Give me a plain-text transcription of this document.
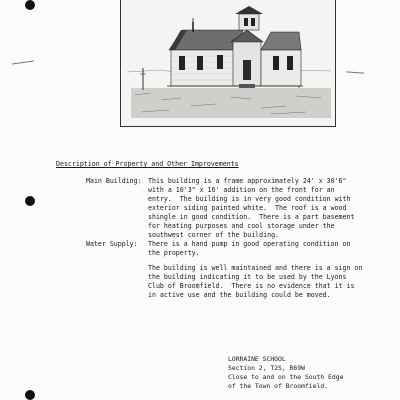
Description of Property and Other Improvements
Main Building: This building is a frame approximately 24' x 30'6"
with a 10'3" x 16' addition on the front for an
entry.  The building is in very good condition with
exterior siding painted white.  The roof is a wood
shingle in good condition.  There is a part basement
for heating purposes and cool storage under the
southwest corner of the building.
Water Supply: There is a hand pump in good operating condition on
the property.
The building is well maintained and there is a sign on
the building indicating it to be used by the Lyons
Club of Broomfield.  There is no evidence that it is
in active use and the building could be moved.
LORRAINE SCHOOL
Section 2, T2S, R69W
Close to and on the South Edge
of the Town of Broomfield.
